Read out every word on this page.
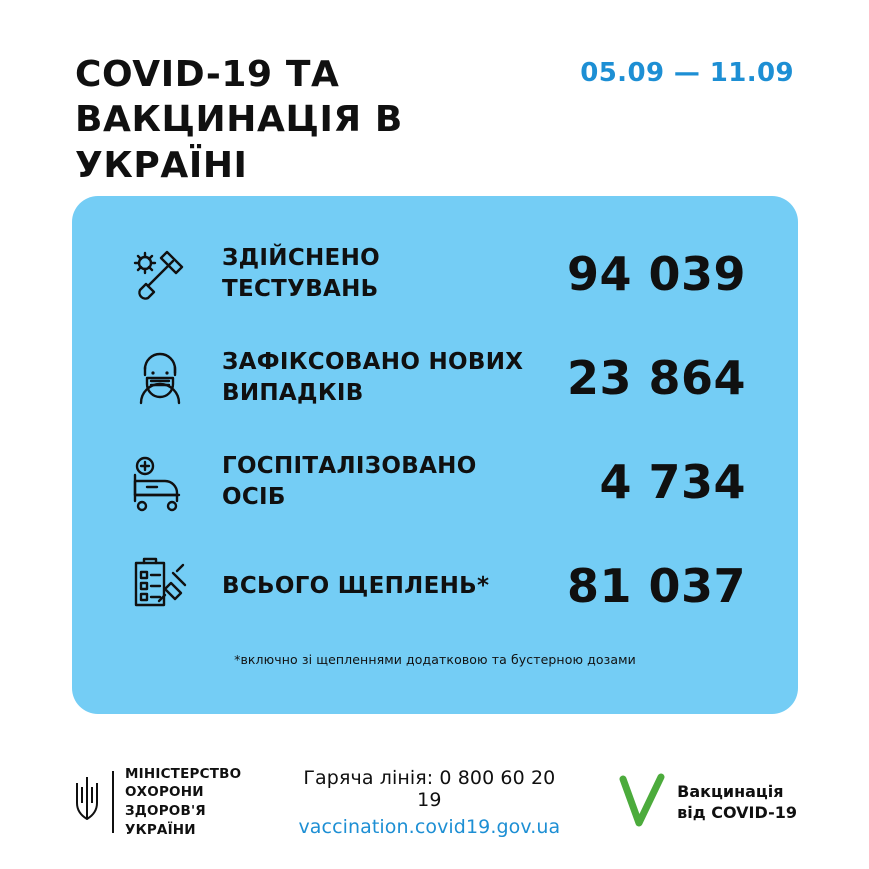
COVID-19 ТА ВАКЦИНАЦІЯ В УКРАЇНІ
05.09 — 11.09
ЗДІЙСНЕНО ТЕСТУВАНЬ	94 039
ЗАФІКСОВАНО НОВИХ ВИПАДКІВ	23 864
ГОСПІТАЛІЗОВАНО ОСІБ	4 734
ВСЬОГО ЩЕПЛЕНЬ*	81 037
*включно зі щепленнями додатковою та бустерною дозами
МІНІСТЕРСТВО
ОХОРОНИ
ЗДОРОВ'Я
УКРАЇНИ
Гаряча лінія: 0 800 60 20 19
vaccination.covid19.gov.ua
Вакцинація
від COVID-19
